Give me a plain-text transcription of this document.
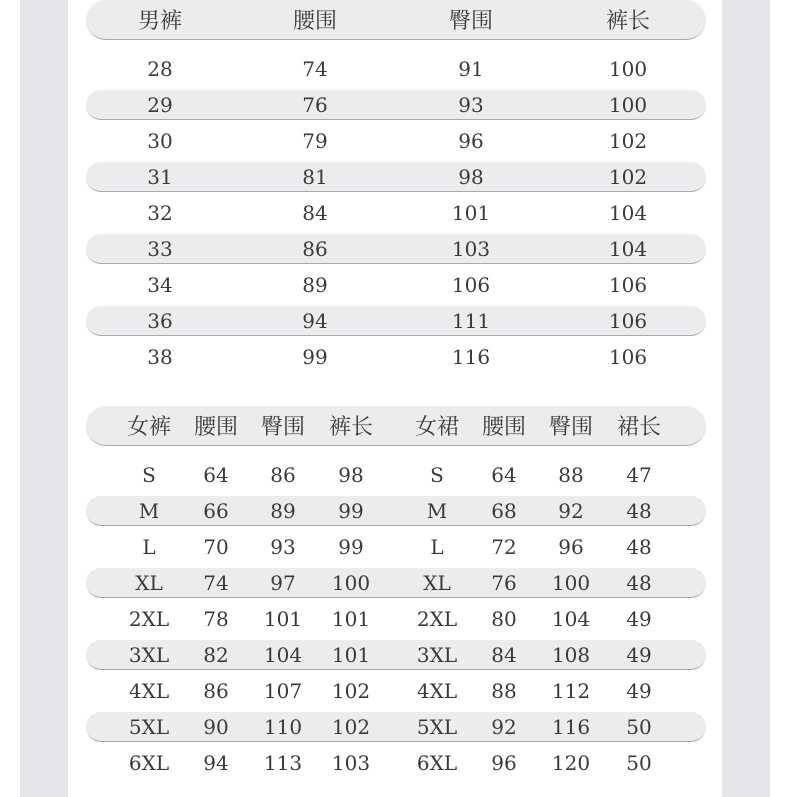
男裤	腰围	臀围	裤长
28	74	91	100
29	76	93	100
30	79	96	102
31	81	98	102
32	84	101	104
33	86	103	104
34	89	106	106
36	94	111	106
38	99	116	106
女裤 腰围 臀围 裤长 女裙 腰围 臀围 裙长
S 64 86 98	S 64 88 47
M 66 89 99	M 68 92 48
L 70 93 99	L 72 96 48
XL 74 97 100	XL 76 100 48
2XL 78 101 101 2XL 80 104 49
3XL 82 104 101 3XL 84 108 49
4XL 86 107 102 4XL 88 112 49
5XL 90 110 102 5XL 92 116 50
6XL 94 113 103 6XL 96 120 50
